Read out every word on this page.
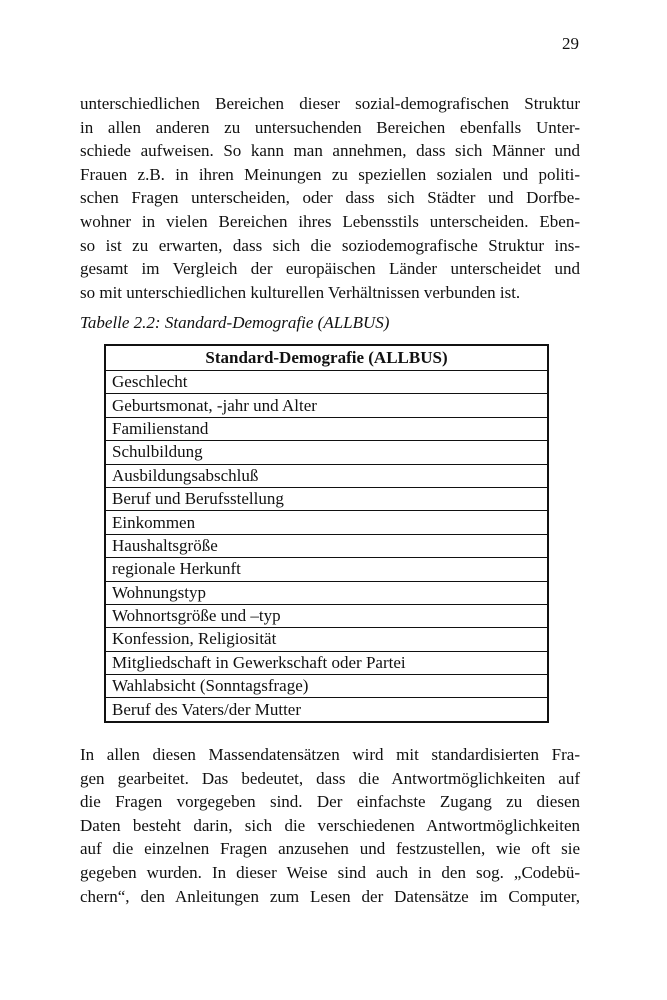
29
unterschiedlichen Bereichen dieser sozial-demografischen Struktur
in allen anderen zu untersuchenden Bereichen ebenfalls Unter-
schiede aufweisen. So kann man annehmen, dass sich Männer und
Frauen z.B. in ihren Meinungen zu speziellen sozialen und politi-
schen Fragen unterscheiden, oder dass sich Städter und Dorfbe-
wohner in vielen Bereichen ihres Lebensstils unterscheiden. Eben-
so ist zu erwarten, dass sich die soziodemografische Struktur ins-
gesamt im Vergleich der europäischen Länder unterscheidet und
so mit unterschiedlichen kulturellen Verhältnissen verbunden ist.

Tabelle 2.2: Standard-Demografie (ALLBUS)

Standard-Demografie (ALLBUS)
Geschlecht
Geburtsmonat, -jahr und Alter
Familienstand
Schulbildung
Ausbildungsabschluß
Beruf und Berufsstellung
Einkommen
Haushaltsgröße
regionale Herkunft
Wohnungstyp
Wohnortsgröße und –typ
Konfession, Religiosität
Mitgliedschaft in Gewerkschaft oder Partei
Wahlabsicht (Sonntagsfrage)
Beruf des Vaters/der Mutter
In allen diesen Massendatensätzen wird mit standardisierten Fra-
gen gearbeitet. Das bedeutet, dass die Antwortmöglichkeiten auf
die Fragen vorgegeben sind. Der einfachste Zugang zu diesen
Daten besteht darin, sich die verschiedenen Antwortmöglichkeiten
auf die einzelnen Fragen anzusehen und festzustellen, wie oft sie
gegeben wurden. In dieser Weise sind auch in den sog. „Codebü-
chern“, den Anleitungen zum Lesen der Datensätze im Computer,
